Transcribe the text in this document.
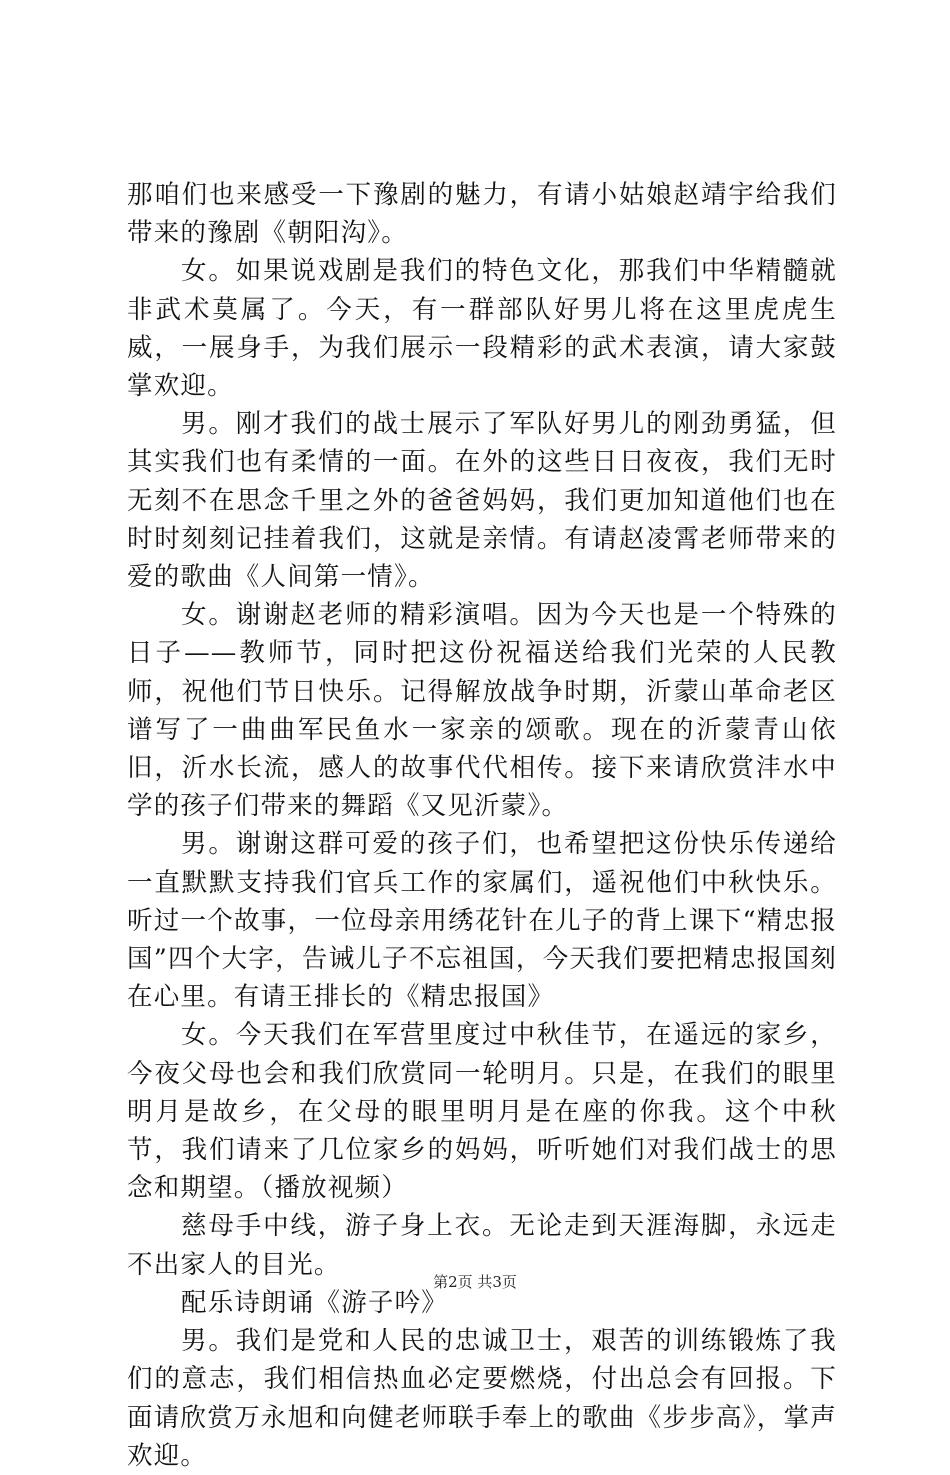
那咱们也来感受一下豫剧的魅力，有请小姑娘赵靖宇给我们带来的豫剧《朝阳沟》。

女。如果说戏剧是我们的特色文化，那我们中华精髓就非武术莫属了。今天，有一群部队好男儿将在这里虎虎生威，一展身手，为我们展示一段精彩的武术表演，请大家鼓掌欢迎。

男。刚才我们的战士展示了军队好男儿的刚劲勇猛，但其实我们也有柔情的一面。在外的这些日日夜夜，我们无时无刻不在思念千里之外的爸爸妈妈，我们更加知道他们也在时时刻刻记挂着我们，这就是亲情。有请赵凌霄老师带来的爱的歌曲《人间第一情》。

女。谢谢赵老师的精彩演唱。因为今天也是一个特殊的日子——教师节，同时把这份祝福送给我们光荣的人民教师，祝他们节日快乐。记得解放战争时期，沂蒙山革命老区谱写了一曲曲军民鱼水一家亲的颂歌。现在的沂蒙青山依旧，沂水长流，感人的故事代代相传。接下来请欣赏沣水中学的孩子们带来的舞蹈《又见沂蒙》。

男。谢谢这群可爱的孩子们，也希望把这份快乐传递给一直默默支持我们官兵工作的家属们，遥祝他们中秋快乐。听过一个故事，一位母亲用绣花针在儿子的背上课下“精忠报国”四个大字，告诫儿子不忘祖国，今天我们要把精忠报国刻在心里。有请王排长的《精忠报国》

女。今天我们在军营里度过中秋佳节，在遥远的家乡，今夜父母也会和我们欣赏同一轮明月。只是，在我们的眼里明月是故乡，在父母的眼里明月是在座的你我。这个中秋节，我们请来了几位家乡的妈妈，听听她们对我们战士的思念和期望。（播放视频）

慈母手中线，游子身上衣。无论走到天涯海脚，永远走不出家人的目光。

配乐诗朗诵《游子吟》

男。我们是党和人民的忠诚卫士，艰苦的训练锻炼了我们的意志，我们相信热血必定要燃烧，付出总会有回报。下面请欣赏万永旭和向健老师联手奉上的歌曲《步步高》，掌声欢迎。

第2页 共3页
